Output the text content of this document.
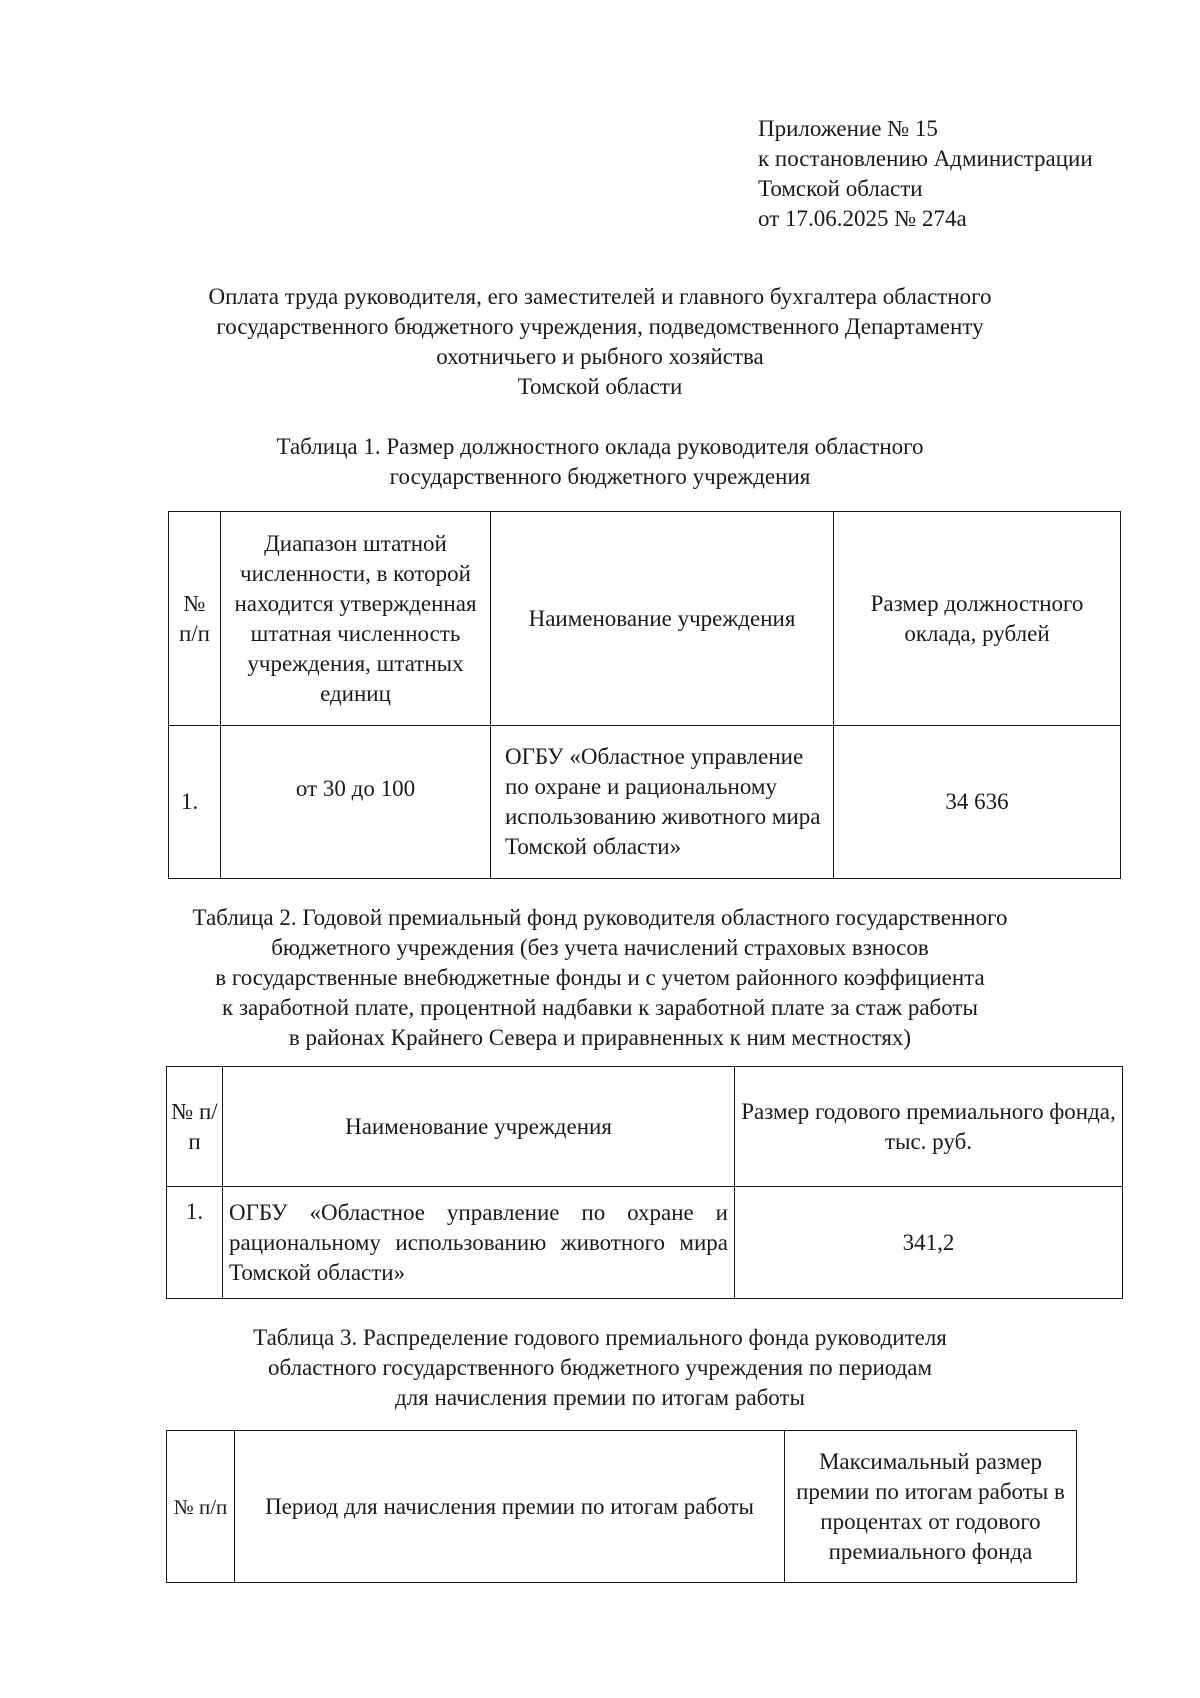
Приложение № 15
к постановлению Администрации
Томской области
от 17.06.2025 № 274а
Оплата труда руководителя, его заместителей и главного бухгалтера областного
государственного бюджетного учреждения, подведомственного Департаменту
охотничьего и рыбного хозяйства
Томской области
Таблица 1. Размер должностного оклада руководителя областного
государственного бюджетного учреждения
№ п/п	Диапазон штатной численности, в которой находится утвержденная штатная численность учреждения, штатных единиц	Наименование учреждения	Размер должностного оклада, рублей
1.	от 30 до 100	ОГБУ «Областное управление по охране и рациональному использованию животного мира Томской области»	34 636
Таблица 2. Годовой премиальный фонд руководителя областного государственного
бюджетного учреждения (без учета начислений страховых взносов
в государственные внебюджетные фонды и с учетом районного коэффициента
к заработной плате, процентной надбавки к заработной плате за стаж работы
в районах Крайнего Севера и приравненных к ним местностях)
№ п/п	Наименование учреждения	Размер годового премиального фонда, тыс. руб.
1.	ОГБУ «Областное управление по охране и рациональному использованию животного мира Томской области»	341,2
Таблица 3. Распределение годового премиального фонда руководителя
областного государственного бюджетного учреждения по периодам
для начисления премии по итогам работы
№ п/п	Период для начисления премии по итогам работы	Максимальный размер премии по итогам работы в процентах от годового премиального фонда
